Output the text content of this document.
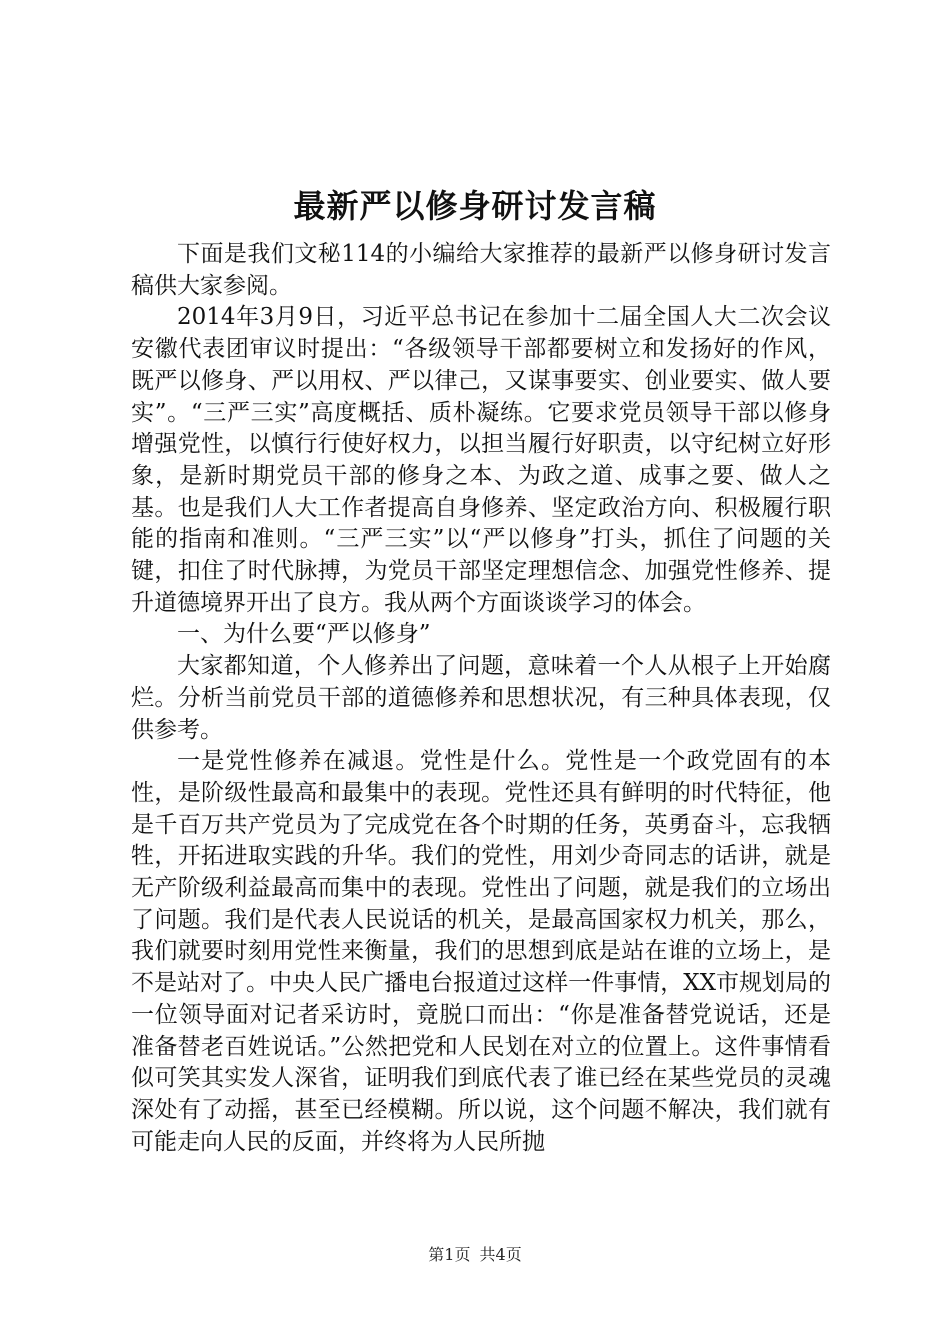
最新严以修身研讨发言稿

下面是我们文秘114的小编给大家推荐的最新严以修身研讨发言稿供大家参阅。

2014年3月9日，习近平总书记在参加十二届全国人大二次会议安徽代表团审议时提出：“各级领导干部都要树立和发扬好的作风，既严以修身、严以用权、严以律己，又谋事要实、创业要实、做人要实”。“三严三实”高度概括、质朴凝练。它要求党员领导干部以修身增强党性，以慎行行使好权力，以担当履行好职责，以守纪树立好形象，是新时期党员干部的修身之本、为政之道、成事之要、做人之基。也是我们人大工作者提高自身修养、坚定政治方向、积极履行职能的指南和准则。“三严三实”以“严以修身”打头，抓住了问题的关键，扣住了时代脉搏，为党员干部坚定理想信念、加强党性修养、提升道德境界开出了良方。我从两个方面谈谈学习的体会。

一、为什么要“严以修身”

大家都知道，个人修养出了问题，意味着一个人从根子上开始腐烂。分析当前党员干部的道德修养和思想状况，有三种具体表现，仅供参考。

一是党性修养在减退。党性是什么。党性是一个政党固有的本性，是阶级性最高和最集中的表现。党性还具有鲜明的时代特征，他是千百万共产党员为了完成党在各个时期的任务，英勇奋斗，忘我牺牲，开拓进取实践的升华。我们的党性，用刘少奇同志的话讲，就是无产阶级利益最高而集中的表现。党性出了问题，就是我们的立场出了问题。我们是代表人民说话的机关，是最高国家权力机关，那么，我们就要时刻用党性来衡量，我们的思想到底是站在谁的立场上，是不是站对了。中央人民广播电台报道过这样一件事情，XX市规划局的一位领导面对记者采访时，竟脱口而出：“你是准备替党说话，还是准备替老百姓说话。”公然把党和人民划在对立的位置上。这件事情看似可笑其实发人深省，证明我们到底代表了谁已经在某些党员的灵魂深处有了动摇，甚至已经模糊。所以说，这个问题不解决，我们就有可能走向人民的反面，并终将为人民所抛

第1页 共4页
